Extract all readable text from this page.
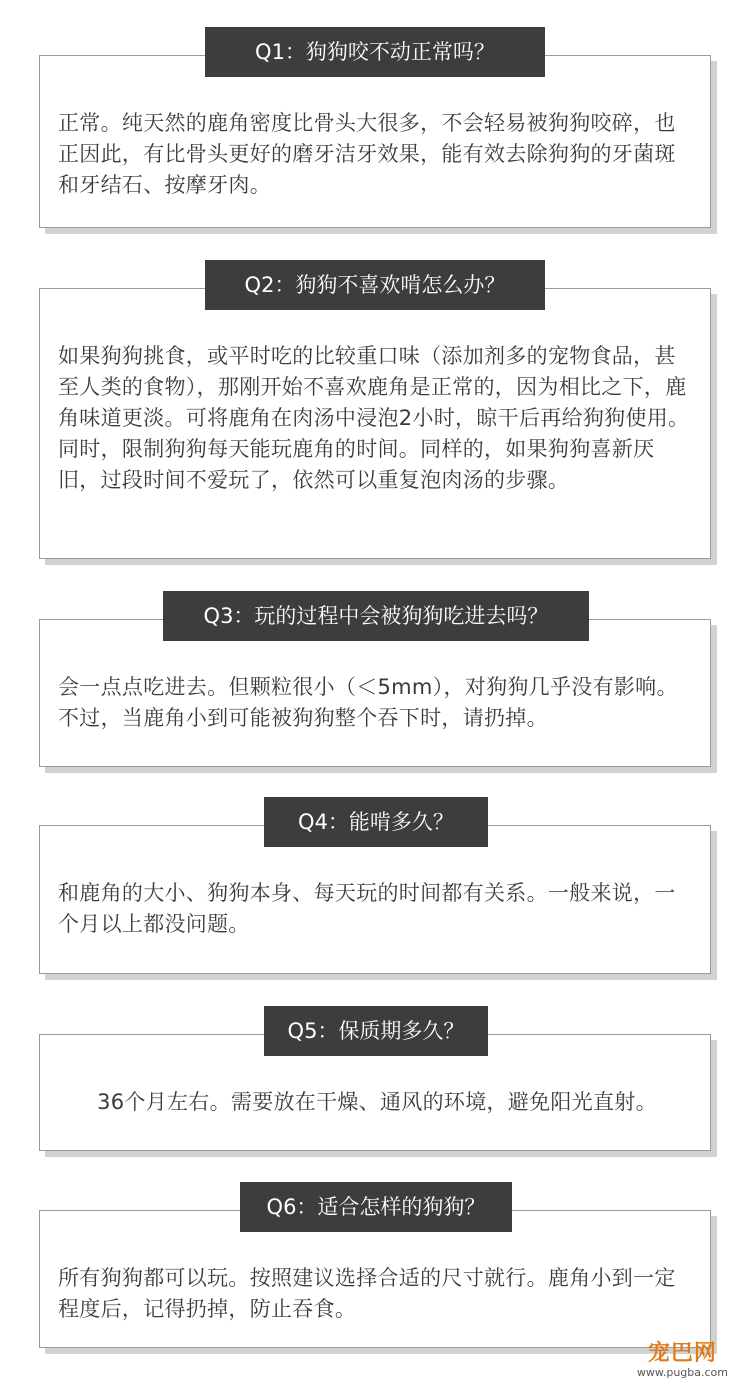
Q1：狗狗咬不动正常吗？

正常。纯天然的鹿角密度比骨头大很多，不会轻易被狗狗咬碎，也正因此，有比骨头更好的磨牙洁牙效果，能有效去除狗狗的牙菌斑和牙结石、按摩牙肉。

Q2：狗狗不喜欢啃怎么办？

如果狗狗挑食，或平时吃的比较重口味（添加剂多的宠物食品，甚至人类的食物），那刚开始不喜欢鹿角是正常的，因为相比之下，鹿角味道更淡。可将鹿角在肉汤中浸泡2小时，晾干后再给狗狗使用。同时，限制狗狗每天能玩鹿角的时间。同样的，如果狗狗喜新厌旧，过段时间不爱玩了，依然可以重复泡肉汤的步骤。

Q3：玩的过程中会被狗狗吃进去吗？

会一点点吃进去。但颗粒很小（＜5mm），对狗狗几乎没有影响。不过，当鹿角小到可能被狗狗整个吞下时，请扔掉。

Q4：能啃多久？

和鹿角的大小、狗狗本身、每天玩的时间都有关系。一般来说，一个月以上都没问题。

Q5：保质期多久？

36个月左右。需要放在干燥、通风的环境，避免阳光直射。

Q6：适合怎样的狗狗？

所有狗狗都可以玩。按照建议选择合适的尺寸就行。鹿角小到一定程度后，记得扔掉，防止吞食。

宠巴网
www.pugba.com
